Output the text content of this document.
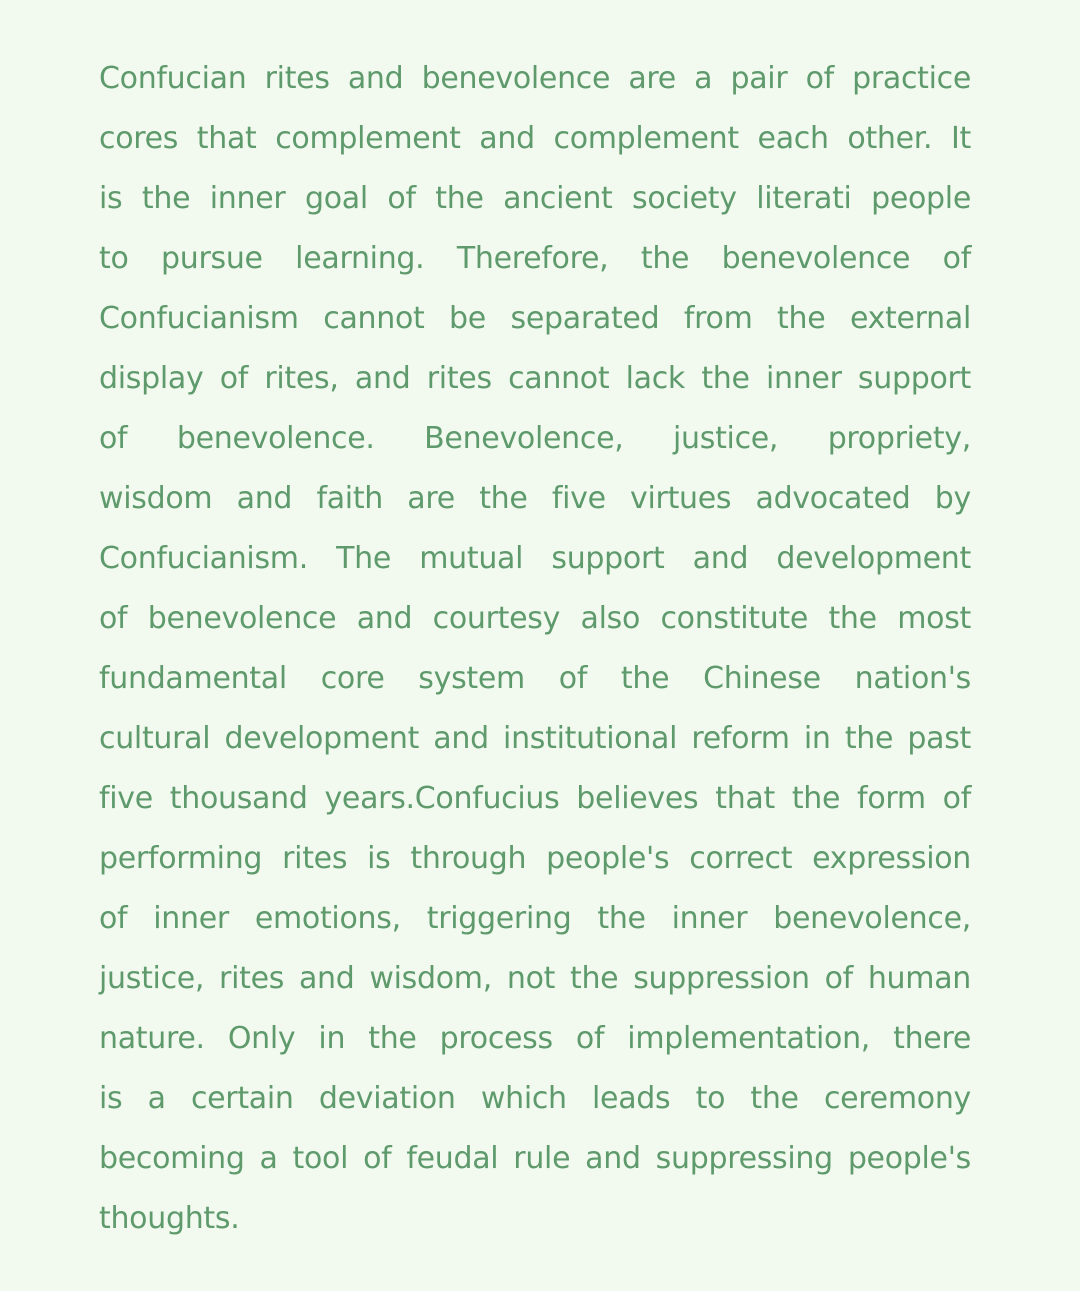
Confucian rites and benevolence are a pair of practice
cores that complement and complement each other. It
is the inner goal of the ancient society literati people
to pursue learning. Therefore, the benevolence of
Confucianism cannot be separated from the external
display of rites, and rites cannot lack the inner support
of benevolence. Benevolence, justice, propriety,
wisdom and faith are the five virtues advocated by
Confucianism. The mutual support and development
of benevolence and courtesy also constitute the most
fundamental core system of the Chinese nation's
cultural development and institutional reform in the past
five thousand years.Confucius believes that the form of
performing rites is through people's correct expression
of inner emotions, triggering the inner benevolence,
justice, rites and wisdom, not the suppression of human
nature. Only in the process of implementation, there
is a certain deviation which leads to the ceremony
becoming a tool of feudal rule and suppressing people's
thoughts.
